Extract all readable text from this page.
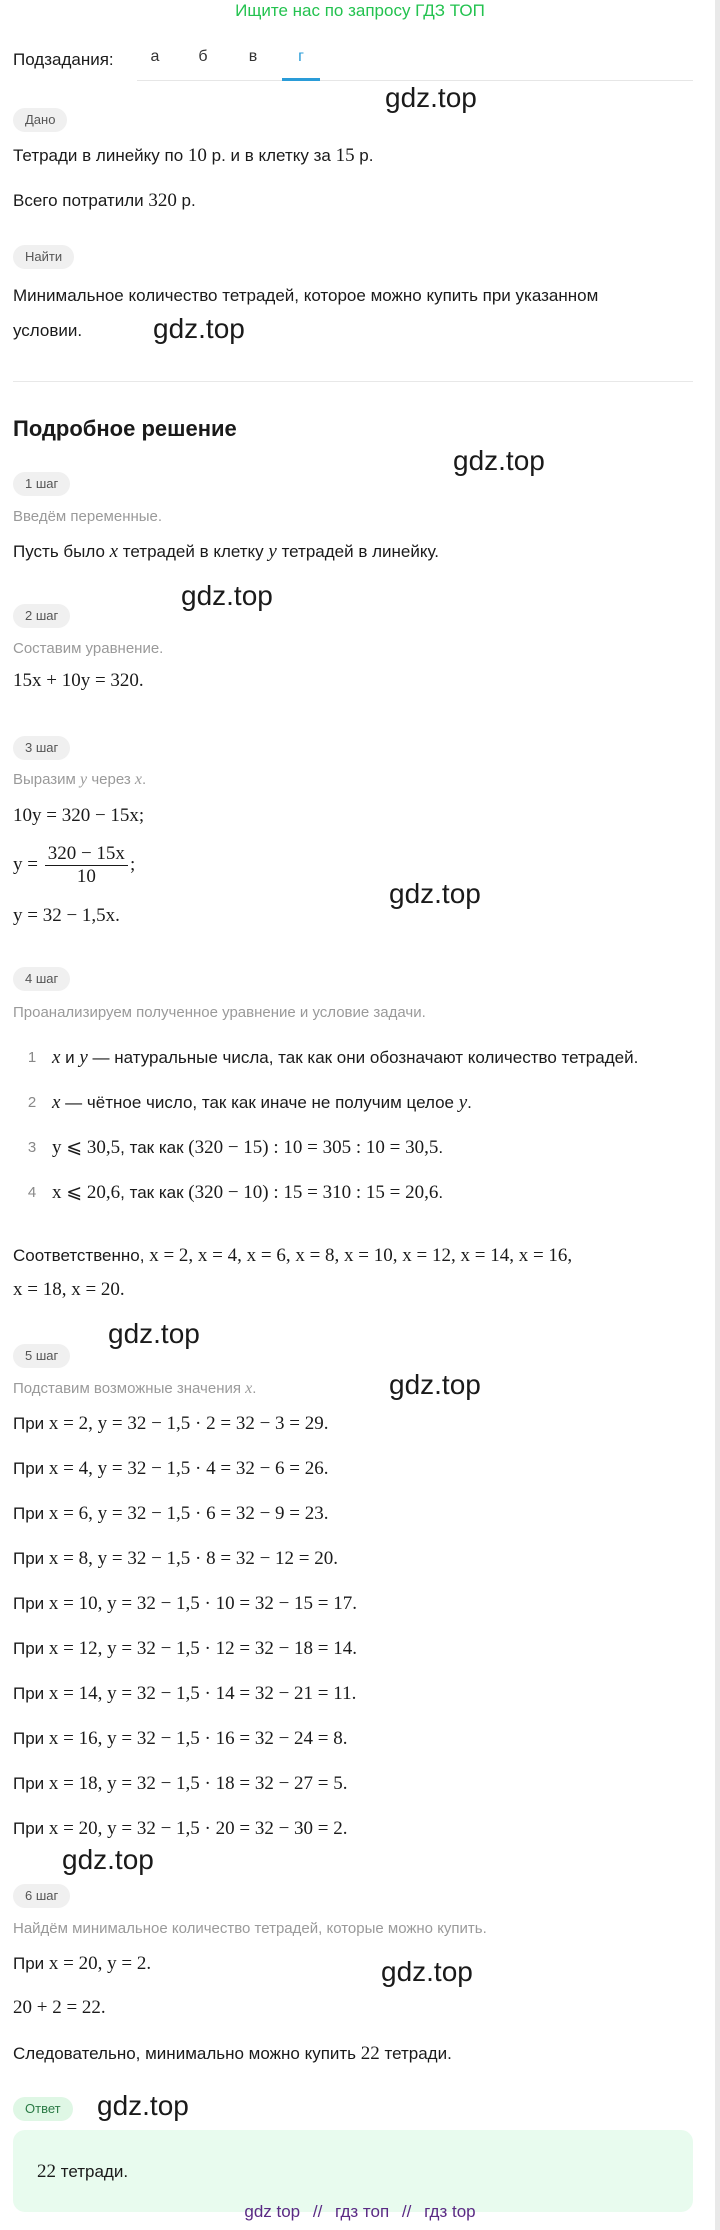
Ищите нас по запросу ГДЗ ТОП
Подзадания:	а	б	в	г
Дано
Тетради в линейку по 10 р. и в клетку за 15 р.
Всего потратили 320 р.
Найти
Минимальное количество тетрадей, которое можно купить при указанном
условии.
Подробное решение
1 шаг
Введём переменные.
Пусть было x тетрадей в клетку y тетрадей в линейку.
2 шаг
Составим уравнение.
15x + 10y = 320.
3 шаг
Выразим y через x.
10y = 320 − 15x;
$y = \frac{320 - 15x}{10}$ ;
y = 32 − 1,5x.
4 шаг
Проанализируем полученное уравнение и условие задачи.
1 x и y — натуральные числа, так как они обозначают количество тетрадей.
2 x — чётное число, так как иначе не получим целое y.
3 y ⩽ 30,5, так как (320 − 15) : 10 = 305 : 10 = 30,5.
4 x ⩽ 20,6, так как (320 − 10) : 15 = 310 : 15 = 20,6.
Соответственно, x = 2, x = 4, x = 6, x = 8, x = 10, x = 12, x = 14, x = 16,
x = 18, x = 20.
5 шаг
Подставим возможные значения x.
При x = 2, y = 32 − 1,5 · 2 = 32 − 3 = 29.
При x = 4, y = 32 − 1,5 · 4 = 32 − 6 = 26.
При x = 6, y = 32 − 1,5 · 6 = 32 − 9 = 23.
При x = 8, y = 32 − 1,5 · 8 = 32 − 12 = 20.
При x = 10, y = 32 − 1,5 · 10 = 32 − 15 = 17.
При x = 12, y = 32 − 1,5 · 12 = 32 − 18 = 14.
При x = 14, y = 32 − 1,5 · 14 = 32 − 21 = 11.
При x = 16, y = 32 − 1,5 · 16 = 32 − 24 = 8.
При x = 18, y = 32 − 1,5 · 18 = 32 − 27 = 5.
При x = 20, y = 32 − 1,5 · 20 = 32 − 30 = 2.
6 шаг
Найдём минимальное количество тетрадей, которые можно купить.
При x = 20, y = 2.
20 + 2 = 22.
Следовательно, минимально можно купить 22 тетради.
Ответ
22 тетради.
gdz.top
gdz.top
gdz.top
gdz.top
gdz.top
gdz.top
gdz.top
gdz.top
gdz.top
gdz.top
gdz top // гдз топ // гдз top
